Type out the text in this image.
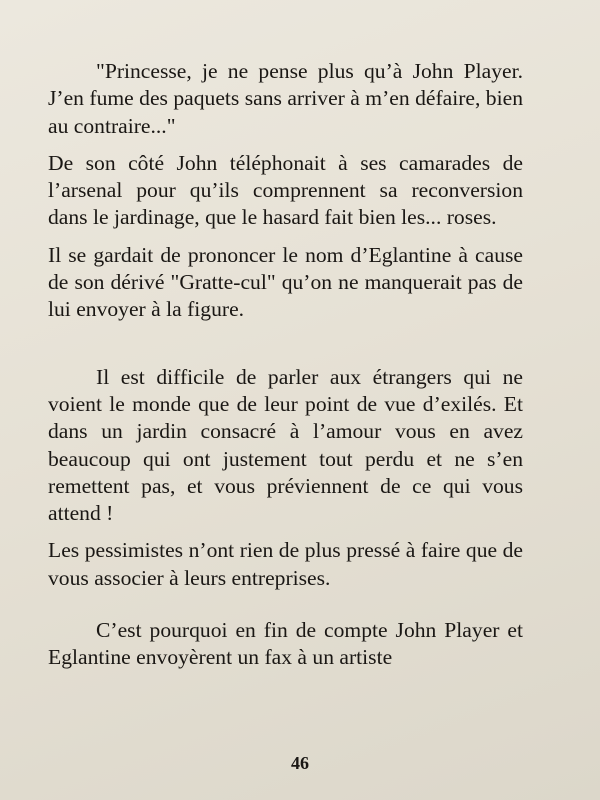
"Princesse, je ne pense plus qu’à John Player. J’en fume des paquets sans arriver à m’en défaire, bien au contraire..."

De son côté John téléphonait à ses camarades de l’arsenal pour qu’ils comprennent sa reconversion dans le jardinage, que le hasard fait bien les... roses.

Il se gardait de prononcer le nom d’Eglantine à cause de son dérivé "Gratte-cul" qu’on ne manquerait pas de lui envoyer à la figure.

Il est difficile de parler aux étrangers qui ne voient le monde que de leur point de vue d’exilés. Et dans un jardin consacré à l’amour vous en avez beaucoup qui ont justement tout perdu et ne s’en remettent pas, et vous préviennent de ce qui vous attend !

Les pessimistes n’ont rien de plus pressé à faire que de vous associer à leurs entreprises.

C’est pourquoi en fin de compte John Player et Eglantine envoyèrent un fax à un artiste

46
